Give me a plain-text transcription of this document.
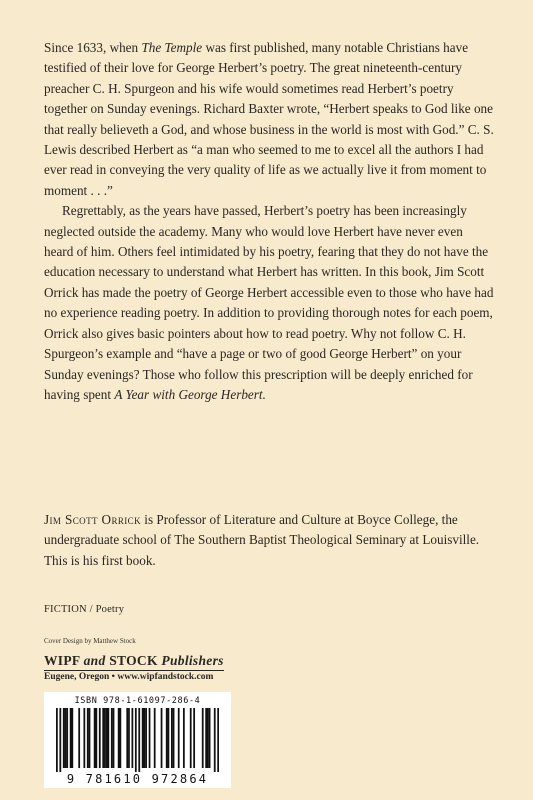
Since 1633, when The Temple was first published, many notable Christians have testified of their love for George Herbert’s poetry. The great nineteenth-century preacher C. H. Spurgeon and his wife would sometimes read Herbert’s poetry together on Sunday evenings. Richard Baxter wrote, “Herbert speaks to God like one that really believeth a God, and whose business in the world is most with God.” C. S. Lewis described Herbert as “a man who seemed to me to excel all the authors I had ever read in conveying the very quality of life as we actually live it from moment to moment . . .”

Regrettably, as the years have passed, Herbert’s poetry has been increasingly neglected outside the academy. Many who would love Herbert have never even heard of him. Others feel intimidated by his poetry, fearing that they do not have the education necessary to understand what Herbert has written. In this book, Jim Scott Orrick has made the poetry of George Herbert accessible even to those who have had no experience reading poetry. In addition to providing thorough notes for each poem, Orrick also gives basic pointers about how to read poetry. Why not follow C. H. Spurgeon’s example and “have a page or two of good George Herbert” on your Sunday evenings? Those who follow this prescription will be deeply enriched for having spent A Year with George Herbert.

Jim Scott Orrick is Professor of Literature and Culture at Boyce College, the undergraduate school of The Southern Baptist Theological Seminary at Louisville. This is his first book.
FICTION / Poetry
Cover Design by Matthew Stock
WIPF and STOCK Publishers
Eugene, Oregon • www.wipfandstock.com
ISBN 978-1-61097-286-4
9 781610 972864
